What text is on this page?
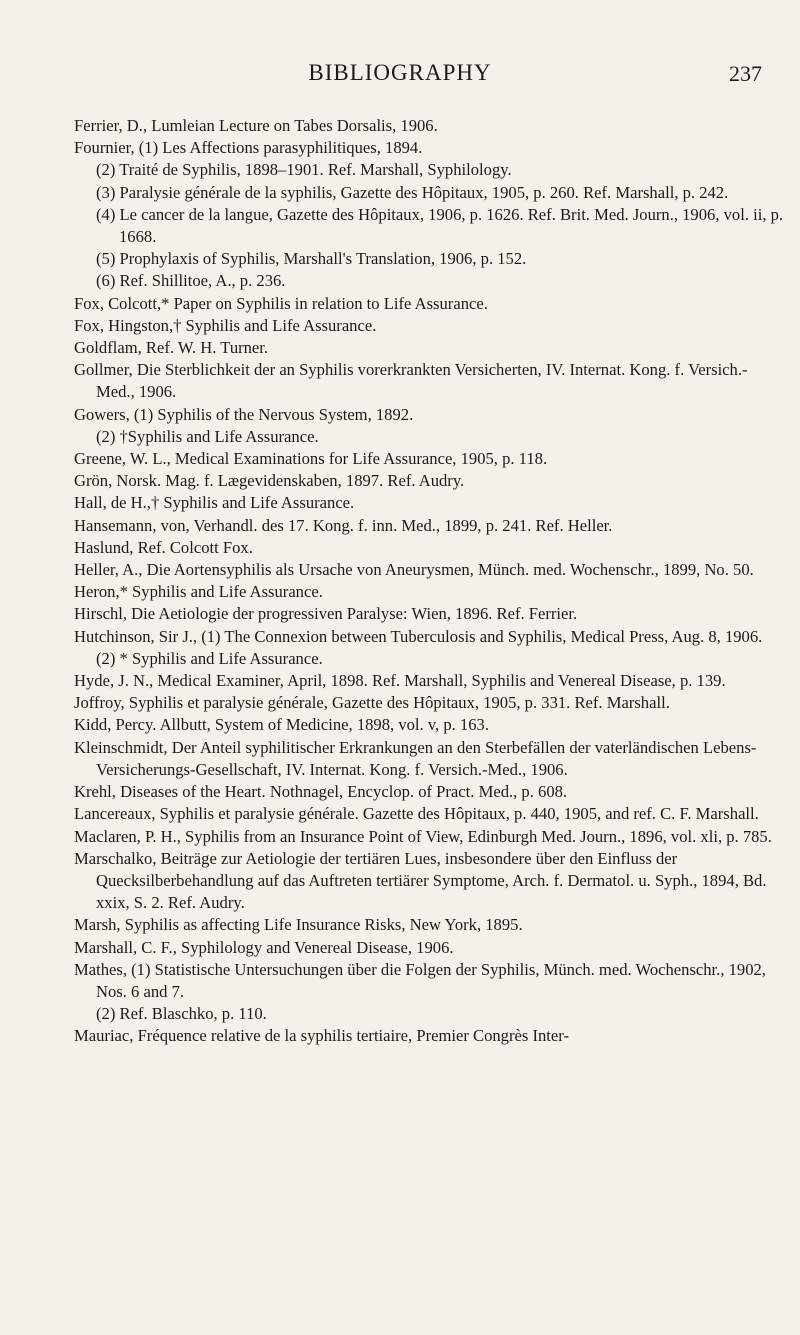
BIBLIOGRAPHY	237

Ferrier, D., Lumleian Lecture on Tabes Dorsalis, 1906.

Fournier, (1) Les Affections parasyphilitiques, 1894.

(2) Traité de Syphilis, 1898–1901. Ref. Marshall, Syphilology.

(3) Paralysie générale de la syphilis, Gazette des Hôpitaux, 1905, p. 260. Ref. Marshall, p. 242.

(4) Le cancer de la langue, Gazette des Hôpitaux, 1906, p. 1626. Ref. Brit. Med. Journ., 1906, vol. ii, p. 1668.

(5) Prophylaxis of Syphilis, Marshall's Translation, 1906, p. 152.

(6) Ref. Shillitoe, A., p. 236.

Fox, Colcott,* Paper on Syphilis in relation to Life Assurance.

Fox, Hingston,† Syphilis and Life Assurance.

Goldflam, Ref. W. H. Turner.

Gollmer, Die Sterblichkeit der an Syphilis vorerkrankten Versicherten, IV. Internat. Kong. f. Versich.-Med., 1906.

Gowers, (1) Syphilis of the Nervous System, 1892.

(2) †Syphilis and Life Assurance.

Greene, W. L., Medical Examinations for Life Assurance, 1905, p. 118.

Grön, Norsk. Mag. f. Lægevidenskaben, 1897. Ref. Audry.

Hall, de H.,† Syphilis and Life Assurance.

Hansemann, von, Verhandl. des 17. Kong. f. inn. Med., 1899, p. 241. Ref. Heller.

Haslund, Ref. Colcott Fox.

Heller, A., Die Aortensyphilis als Ursache von Aneurysmen, Münch. med. Wochenschr., 1899, No. 50.

Heron,* Syphilis and Life Assurance.

Hirschl, Die Aetiologie der progressiven Paralyse: Wien, 1896. Ref. Ferrier.

Hutchinson, Sir J., (1) The Connexion between Tuberculosis and Syphilis, Medical Press, Aug. 8, 1906.

(2) * Syphilis and Life Assurance.

Hyde, J. N., Medical Examiner, April, 1898. Ref. Marshall, Syphilis and Venereal Disease, p. 139.

Joffroy, Syphilis et paralysie générale, Gazette des Hôpitaux, 1905, p. 331. Ref. Marshall.

Kidd, Percy. Allbutt, System of Medicine, 1898, vol. v, p. 163.

Kleinschmidt, Der Anteil syphilitischer Erkrankungen an den Sterbefällen der vaterländischen Lebens-Versicherungs-Gesellschaft, IV. Internat. Kong. f. Versich.-Med., 1906.

Krehl, Diseases of the Heart. Nothnagel, Encyclop. of Pract. Med., p. 608.

Lancereaux, Syphilis et paralysie générale. Gazette des Hôpitaux, p. 440, 1905, and ref. C. F. Marshall.

Maclaren, P. H., Syphilis from an Insurance Point of View, Edinburgh Med. Journ., 1896, vol. xli, p. 785.

Marschalko, Beiträge zur Aetiologie der tertiären Lues, insbesondere über den Einfluss der Quecksilberbehandlung auf das Auftreten tertiärer Symptome, Arch. f. Dermatol. u. Syph., 1894, Bd. xxix, S. 2. Ref. Audry.

Marsh, Syphilis as affecting Life Insurance Risks, New York, 1895.

Marshall, C. F., Syphilology and Venereal Disease, 1906.

Mathes, (1) Statistische Untersuchungen über die Folgen der Syphilis, Münch. med. Wochenschr., 1902, Nos. 6 and 7.

(2) Ref. Blaschko, p. 110.

Mauriac, Fréquence relative de la syphilis tertiaire, Premier Congrès Inter-
